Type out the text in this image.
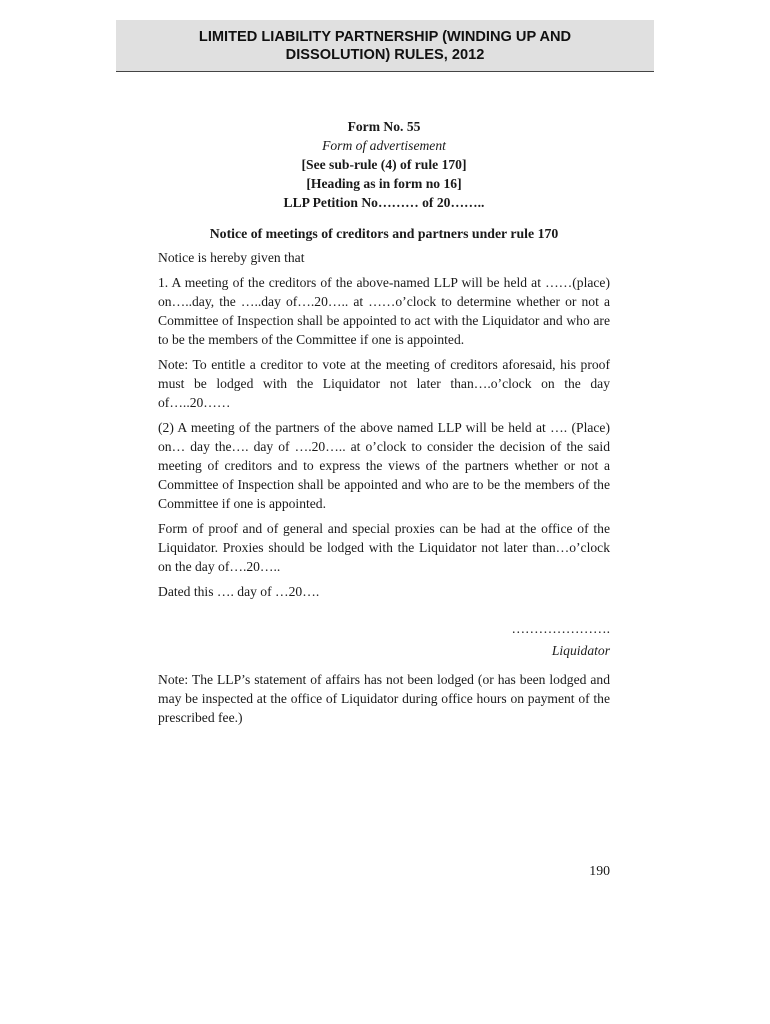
LIMITED LIABILITY PARTNERSHIP (WINDING UP AND DISSOLUTION) RULES, 2012
Form No. 55
Form of advertisement
[See sub-rule (4) of rule 170]
[Heading as in form no 16]
LLP Petition No……… of 20……..
Notice of meetings of creditors and partners under rule 170

Notice is hereby given that

1. A meeting of the creditors of the above-named LLP will be held at ……(place) on…..day, the …..day of….20….. at ……o’clock to determine whether or not a Committee of Inspection shall be appointed to act with the Liquidator and who are to be the members of the Committee if one is appointed.

Note: To entitle a creditor to vote at the meeting of creditors aforesaid, his proof must be lodged with the Liquidator not later than….o’clock on the day of…..20……

(2) A meeting of the partners of the above named LLP will be held at …. (Place) on… day the…. day of ….20….. at o’clock to consider the decision of the said meeting of creditors and to express the views of the partners whether or not a Committee of Inspection shall be appointed and who are to be the members of the Committee if one is appointed.

Form of proof and of general and special proxies can be had at the office of the Liquidator. Proxies should be lodged with the Liquidator not later than…o’clock on the day of….20…..

Dated this …. day of …20….

………………….
Liquidator

Note: The LLP’s statement of affairs has not been lodged (or has been lodged and may be inspected at the office of Liquidator during office hours on payment of the prescribed fee.)

190
